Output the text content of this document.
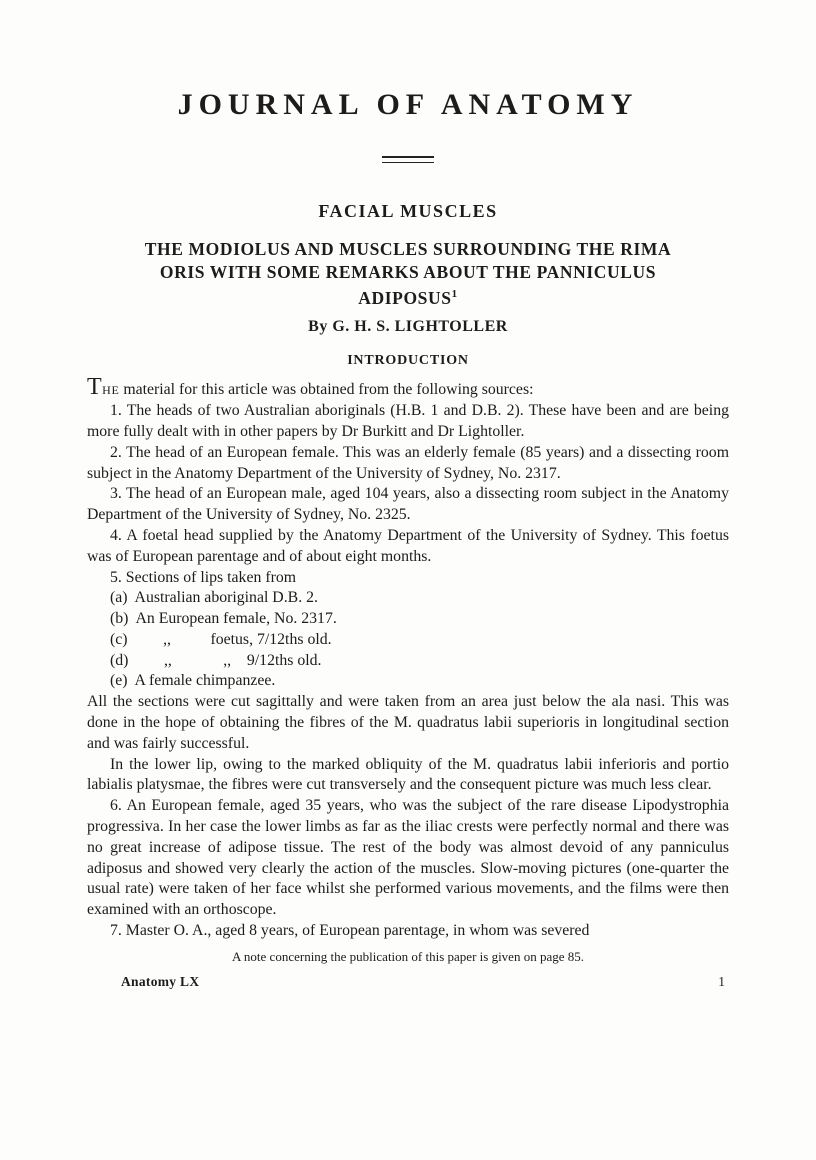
JOURNAL OF ANATOMY
FACIAL MUSCLES
THE MODIOLUS AND MUSCLES SURROUNDING THE RIMA
ORIS WITH SOME REMARKS ABOUT THE PANNICULUS
ADIPOSUS$^1$
By G. H. S. LIGHTOLLER
INTRODUCTION

THE material for this article was obtained from the following sources:

1. The heads of two Australian aboriginals (H.B. 1 and D.B. 2). These have been and are being more fully dealt with in other papers by Dr Burkitt and Dr Lightoller.

2. The head of an European female. This was an elderly female (85 years) and a dissecting room subject in the Anatomy Department of the University of Sydney, No. 2317.

3. The head of an European male, aged 104 years, also a dissecting room subject in the Anatomy Department of the University of Sydney, No. 2325.

4. A foetal head supplied by the Anatomy Department of the University of Sydney. This foetus was of European parentage and of about eight months.

5. Sections of lips taken from

(a)  Australian aboriginal D.B. 2.
(b)  An European female, No. 2317.
(c)         ,,          foetus, 7/12ths old.
(d)         ,,             ,,    9/12ths old.
(e)  A female chimpanzee.

All the sections were cut sagittally and were taken from an area just below the ala nasi. This was done in the hope of obtaining the fibres of the M. quadratus labii superioris in longitudinal section and was fairly successful.

In the lower lip, owing to the marked obliquity of the M. quadratus labii inferioris and portio labialis platysmae, the fibres were cut transversely and the consequent picture was much less clear.

6. An European female, aged 35 years, who was the subject of the rare disease Lipodystrophia progressiva. In her case the lower limbs as far as the iliac crests were perfectly normal and there was no great increase of adipose tissue. The rest of the body was almost devoid of any panniculus adiposus and showed very clearly the action of the muscles. Slow-moving pictures (one-quarter the usual rate) were taken of her face whilst she performed various movements, and the films were then examined with an orthoscope.

7. Master O. A., aged 8 years, of European parentage, in whom was severed

A note concerning the publication of this paper is given on page 85.
Anatomy LX	1
